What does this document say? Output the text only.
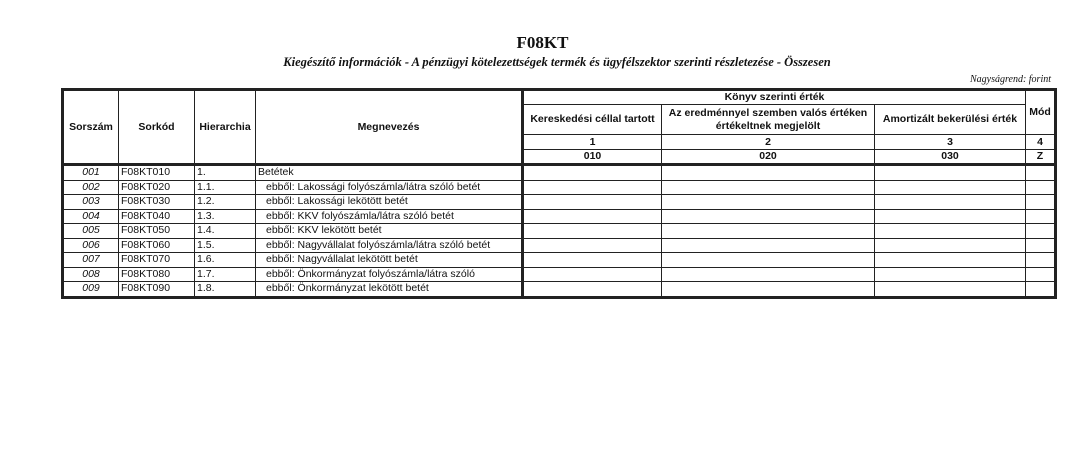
F08KT
Kiegészítő információk - A pénzügyi kötelezettségek termék és ügyfélszektor szerinti részletezése - Összesen
Nagyságrend: forint
Sorszám	Sorkód	Hierarchia	Megnevezés	Könyv szerinti érték			Mód
				Kereskedési céllal tartott	Az eredménnyel szemben valós értéken értékeltnek megjelölt	Amortizált bekerülési érték	
				1	2	3	4
				010	020	030	Z
001	F08KT010	1.	Betétek				
002	F08KT020	1.1.	ebből: Lakossági folyószámla/látra szóló betét				
003	F08KT030	1.2.	ebből: Lakossági lekötött betét				
004	F08KT040	1.3.	ebből: KKV folyószámla/látra szóló betét				
005	F08KT050	1.4.	ebből: KKV lekötött betét				
006	F08KT060	1.5.	ebből: Nagyvállalat folyószámla/látra szóló betét				
007	F08KT070	1.6.	ebből: Nagyvállalat lekötött betét				
008	F08KT080	1.7.	ebből: Önkormányzat folyószámla/látra szóló				
009	F08KT090	1.8.	ebből: Önkormányzat lekötött betét				
